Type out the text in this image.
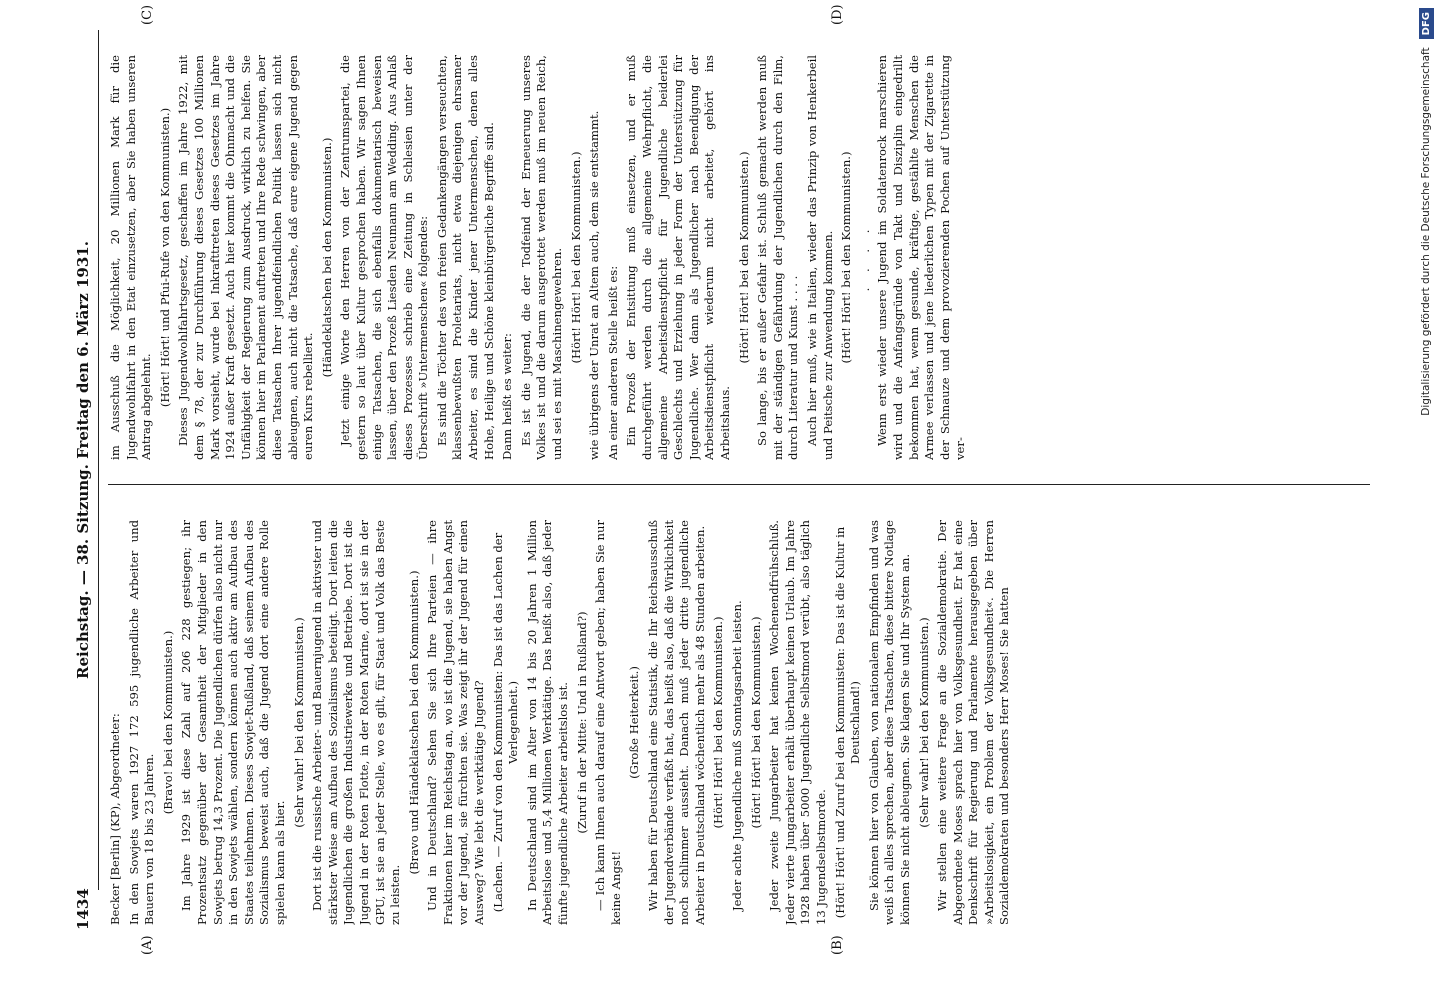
1434
Reichstag. — 38. Sitzung. Freitag den 6. März 1931.
(A)	(B)
(C)	(D)

Becker [Berlin] (KP), Abgeordneter: In den Sowjets waren 1927 172 595 jugendliche Arbeiter und Bauern von 18 bis 23 Jahren.

(Bravo! bei den Kommunisten.) Im Jahre 1929 ist diese Zahl auf 206 228 gestiegen; ihr Prozentsatz gegenüber der Gesamtheit der Mitglieder in den Sowjets betrug 14,3 Prozent. Die Jugendlichen dürfen also nicht nur in den Sowjets wählen, sondern können auch aktiv am Aufbau des Staates teilnehmen. Dieses Sowjet-Rußland, daß seinem Aufbau des Sozialismus beweist auch, daß die Jugend dort eine andere Rolle spielen kann als hier.

(Sehr wahr! bei den Kommunisten.) Dort ist die russische Arbeiter- und Bauernjugend in aktivster und stärkster Weise am Aufbau des Sozialismus beteiligt. Dort leiten die Jugendlichen die großen Industriewerke und Betriebe. Dort ist die Jugend in der Roten Flotte, in der Roten Marine, dort ist sie in der GPU, ist sie an jeder Stelle, wo es gilt, für Staat und Volk das Beste zu leisten.

(Bravo und Händeklatschen bei den Kommunisten.) Und in Deutschland? Sehen Sie sich Ihre Parteien — ihre Fraktionen hier im Reichstag an, wo ist die Jugend, sie haben Angst vor der Jugend, sie fürchten sie. Was zeigt ihr der Jugend für einen Ausweg? Wie lebt die werktätige Jugend? (Lachen. — Zuruf von den Kommunisten: Das ist das Lachen der Verlegenheit.) In Deutschland sind im Alter von 14 bis 20 Jahren 1 Million Arbeitslose und 5,4 Millionen Werktätige. Das heißt also, daß jeder fünfte jugendliche Arbeiter arbeitslos ist. (Zuruf in der Mitte: Und in Rußland?) — Ich kann Ihnen auch darauf eine Antwort geben; haben Sie nur keine Angst!

(Große Heiterkeit.) Wir haben für Deutschland eine Statistik, die Ihr Reichsausschuß der Jugendverbände verfaßt hat, das heißt also, daß die Wirklichkeit noch schlimmer aussieht. Danach muß jeder dritte jugendliche Arbeiter in Deutschland wöchentlich mehr als 48 Stunden arbeiten. (Hört! Hört! bei den Kommunisten.) Jeder achte Jugendliche muß Sonntagsarbeit leisten. (Hört! Hört! bei den Kommunisten.) Jeder zweite Jungarbeiter hat keinen Wochenendfrühschluß. Jeder vierte Jungarbeiter erhält überhaupt keinen Urlaub. Im Jahre 1928 haben über 5000 Jugendliche Selbstmord verübt, also täglich 13 Jugendselbstmorde. (Hört! Hört! und Zuruf bei den Kommunisten: Das ist die Kultur in Deutschland!) Sie können hier von Glauben, von nationalem Empfinden und was weiß ich alles sprechen, aber diese Tatsachen, diese bittere Notlage können Sie nicht ableugnen. Sie klagen Sie und Ihr System an. (Sehr wahr! bei den Kommunisten.) Wir stellen eine weitere Frage an die Sozialdemokratie. Der Abgeordnete Moses sprach hier von Volksgesundheit. Er hat eine Denkschrift für Regierung und Parlamente herausgegeben über »Arbeitslosigkeit, ein Problem der Volksgesundheit«. Die Herren Sozialdemokraten und besonders Herr Moses! Sie hatten

im Ausschuß die Möglichkeit, 20 Millionen Mark für die Jugendwohlfahrt in den Etat einzusetzen, aber Sie haben unseren Antrag abgelehnt. (Hört! Hört! und Pfui-Rufe von den Kommunisten.) Dieses Jugendwohlfahrtsgesetz, geschaffen im Jahre 1922, mit dem § 78, der zur Durchführung dieses Gesetzes 100 Millionen Mark vorsieht, wurde bei Inkrafttreten dieses Gesetzes im Jahre 1924 außer Kraft gesetzt. Auch hier kommt die Ohnmacht und die Unfähigkeit der Regierung zum Ausdruck, wirklich zu helfen. Sie können hier im Parlament auftreten und Ihre Rede schwingen, aber diese Tatsachen Ihrer jugendfeindlichen Politik lassen sich nicht ableugnen, auch nicht die Tatsache, daß eure eigene Jugend gegen euren Kurs rebelliert.

(Händeklatschen bei den Kommunisten.) Jetzt einige Worte den Herren von der Zentrumspartei, die gestern so laut über Kultur gesprochen haben. Wir sagen Ihnen einige Tatsachen, die sich ebenfalls dokumentarisch beweisen lassen, über den Prozeß Liesden Neumann am Wedding. Aus Anlaß dieses Prozesses schrieb eine Zeitung in Schlesien unter der Überschrift »Untermenschen« folgendes: Es sind die Töchter des von freien Gedankengängen verseuchten, klassenbewußten Proletariats, nicht etwa diejenigen ehrsamer Arbeiter, es sind die Kinder jener Untermenschen, denen alles Hohe, Heilige und Schöne kleinbürgerliche Begriffe sind. Dann heißt es weiter: Es ist die Jugend, die der Todfeind der Erneuerung unseres Volkes ist und die darum ausgerottet werden muß im neuen Reich, und sei es mit Maschinengewehren. (Hört! Hört! bei den Kommunisten.) wie übrigens der Unrat an Altem auch, dem sie entstammt. An einer anderen Stelle heißt es: Ein Prozeß der Entsittung muß einsetzen, und er muß durchgeführt werden durch die allgemeine Wehrpflicht, die allgemeine Arbeitsdienstpflicht für Jugendliche beiderlei Geschlechts und Erziehung in jeder Form der Unterstützung für Jugendliche. Wer dann als Jugendlicher nach Beendigung der Arbeitsdienstpflicht wiederum nicht arbeitet, gehört ins Arbeitshaus.

(Hört! Hört! bei den Kommunisten.) So lange, bis er außer Gefahr ist. Schluß gemacht werden muß mit der ständigen Gefährdung der Jugendlichen durch den Film, durch Literatur und Kunst . . . . Auch hier muß, wie in Italien, wieder das Prinzip von Henkerbeil und Peitsche zur Anwendung kommen. (Hört! Hört! bei den Kommunisten.) . . . . Wenn erst wieder unsere Jugend im Soldatenrock marschieren wird und die Anfangsgründe von Takt und Disziplin eingedrillt bekommen hat, wenn gesunde, kräftige, gestählte Menschen die Armee verlassen und jene liederlichen Typen mit der Zigarette in der Schnauze und dem provozierenden Pochen auf Unterstützung ver-

Digitalisierung gefördert durch die Deutsche Forschungsgemeinschaft
DFG
